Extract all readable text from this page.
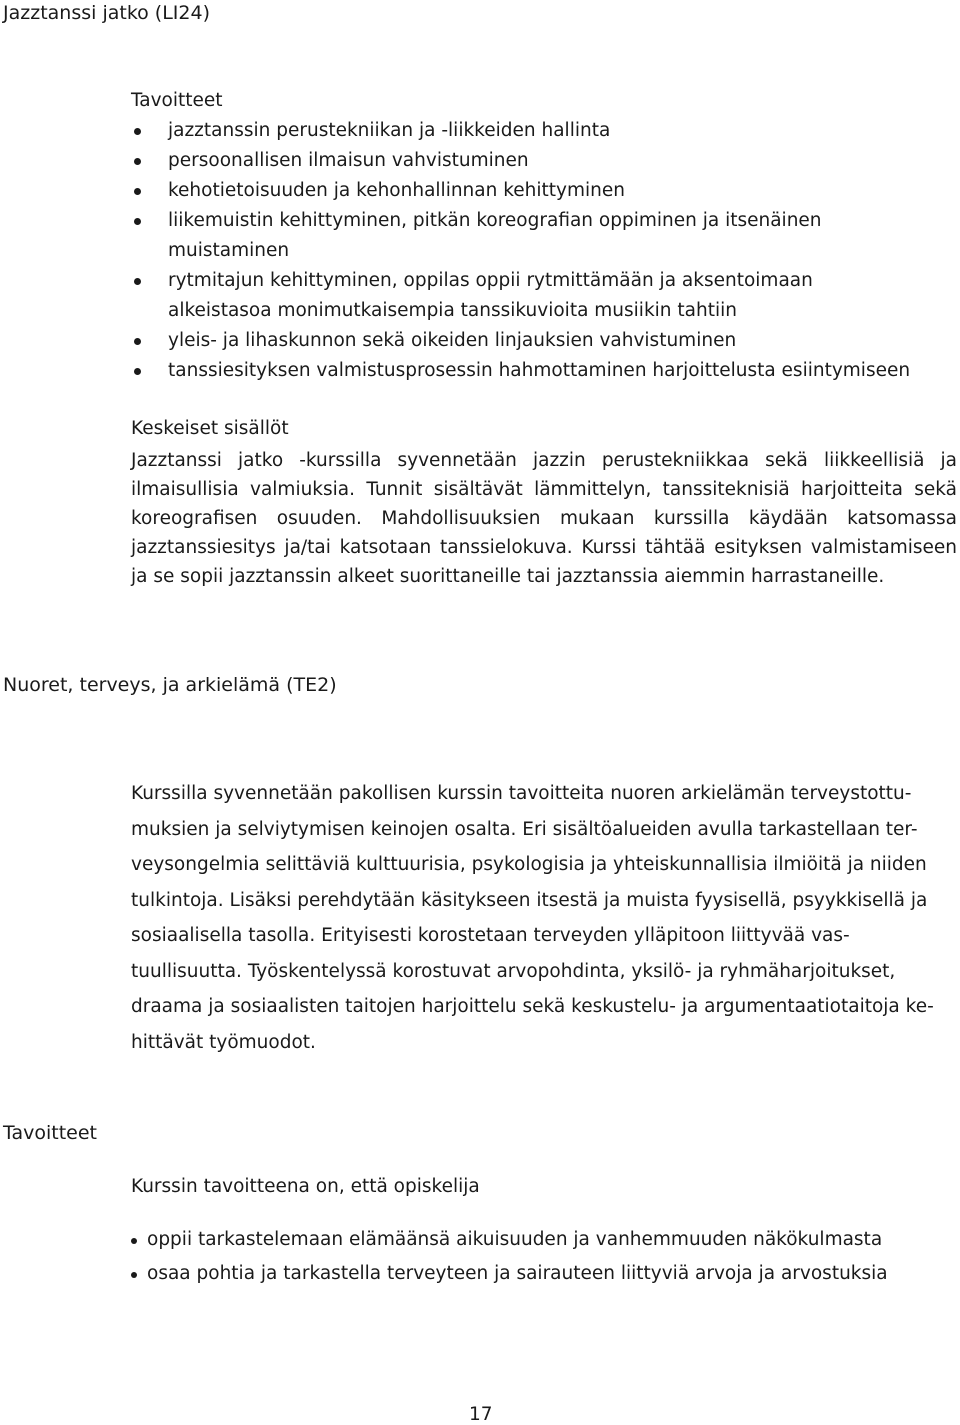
Jazztanssi jatko (LI24)
Tavoitteet
jazztanssin perustekniikan ja -liikkeiden hallinta
persoonallisen ilmaisun vahvistuminen
kehotietoisuuden ja kehonhallinnan kehittyminen
liikemuistin kehittyminen, pitkän koreografian oppiminen ja itsenäinen
muistaminen
rytmitajun kehittyminen, oppilas oppii rytmittämään ja aksentoimaan
alkeistasoa monimutkaisempia tanssikuvioita musiikin tahtiin
yleis- ja lihaskunnon sekä oikeiden linjauksien vahvistuminen
tanssiesityksen valmistusprosessin hahmottaminen harjoittelusta esiintymiseen
Keskeiset sisällöt
Jazztanssi jatko -kurssilla syvennetään jazzin perustekniikkaa sekä liikkeellisiä ja ilmaisullisia valmiuksia. Tunnit sisältävät lämmittelyn, tanssiteknisiä harjoitteita sekä koreografisen osuuden. Mahdollisuuksien mukaan kurssilla käydään katsomassa jazztanssiesitys ja/tai katsotaan tanssielokuva. Kurssi tähtää esityksen valmistamiseen ja se sopii jazztanssin alkeet suorittaneille tai jazztanssia aiemmin harrastaneille.
Nuoret, terveys, ja arkielämä (TE2)
Kurssilla syvennetään pakollisen kurssin tavoitteita nuoren arkielämän terveystottu-muksien ja selviytymisen keinojen osalta. Eri sisältöalueiden avulla tarkastellaan ter-veysongelmia selittäviä kulttuurisia, psykologisia ja yhteiskunnallisia ilmiöitä ja niiden tulkintoja. Lisäksi perehdytään käsitykseen itsestä ja muista fyysisellä, psyykkisellä ja sosiaalisella tasolla. Erityisesti korostetaan terveyden ylläpitoon liittyvää vas-tuullisuutta. Työskentelyssä korostuvat arvopohdinta, yksilö- ja ryhmäharjoitukset, draama ja sosiaalisten taitojen harjoittelu sekä keskustelu- ja argumentaatiotaitoja ke-hittävät työmuodot.
Tavoitteet
Kurssin tavoitteena on, että opiskelija
oppii tarkastelemaan elämäänsä aikuisuuden ja vanhemmuuden näkökulmasta
osaa pohtia ja tarkastella terveyteen ja sairauteen liittyviä arvoja ja arvostuksia
17
